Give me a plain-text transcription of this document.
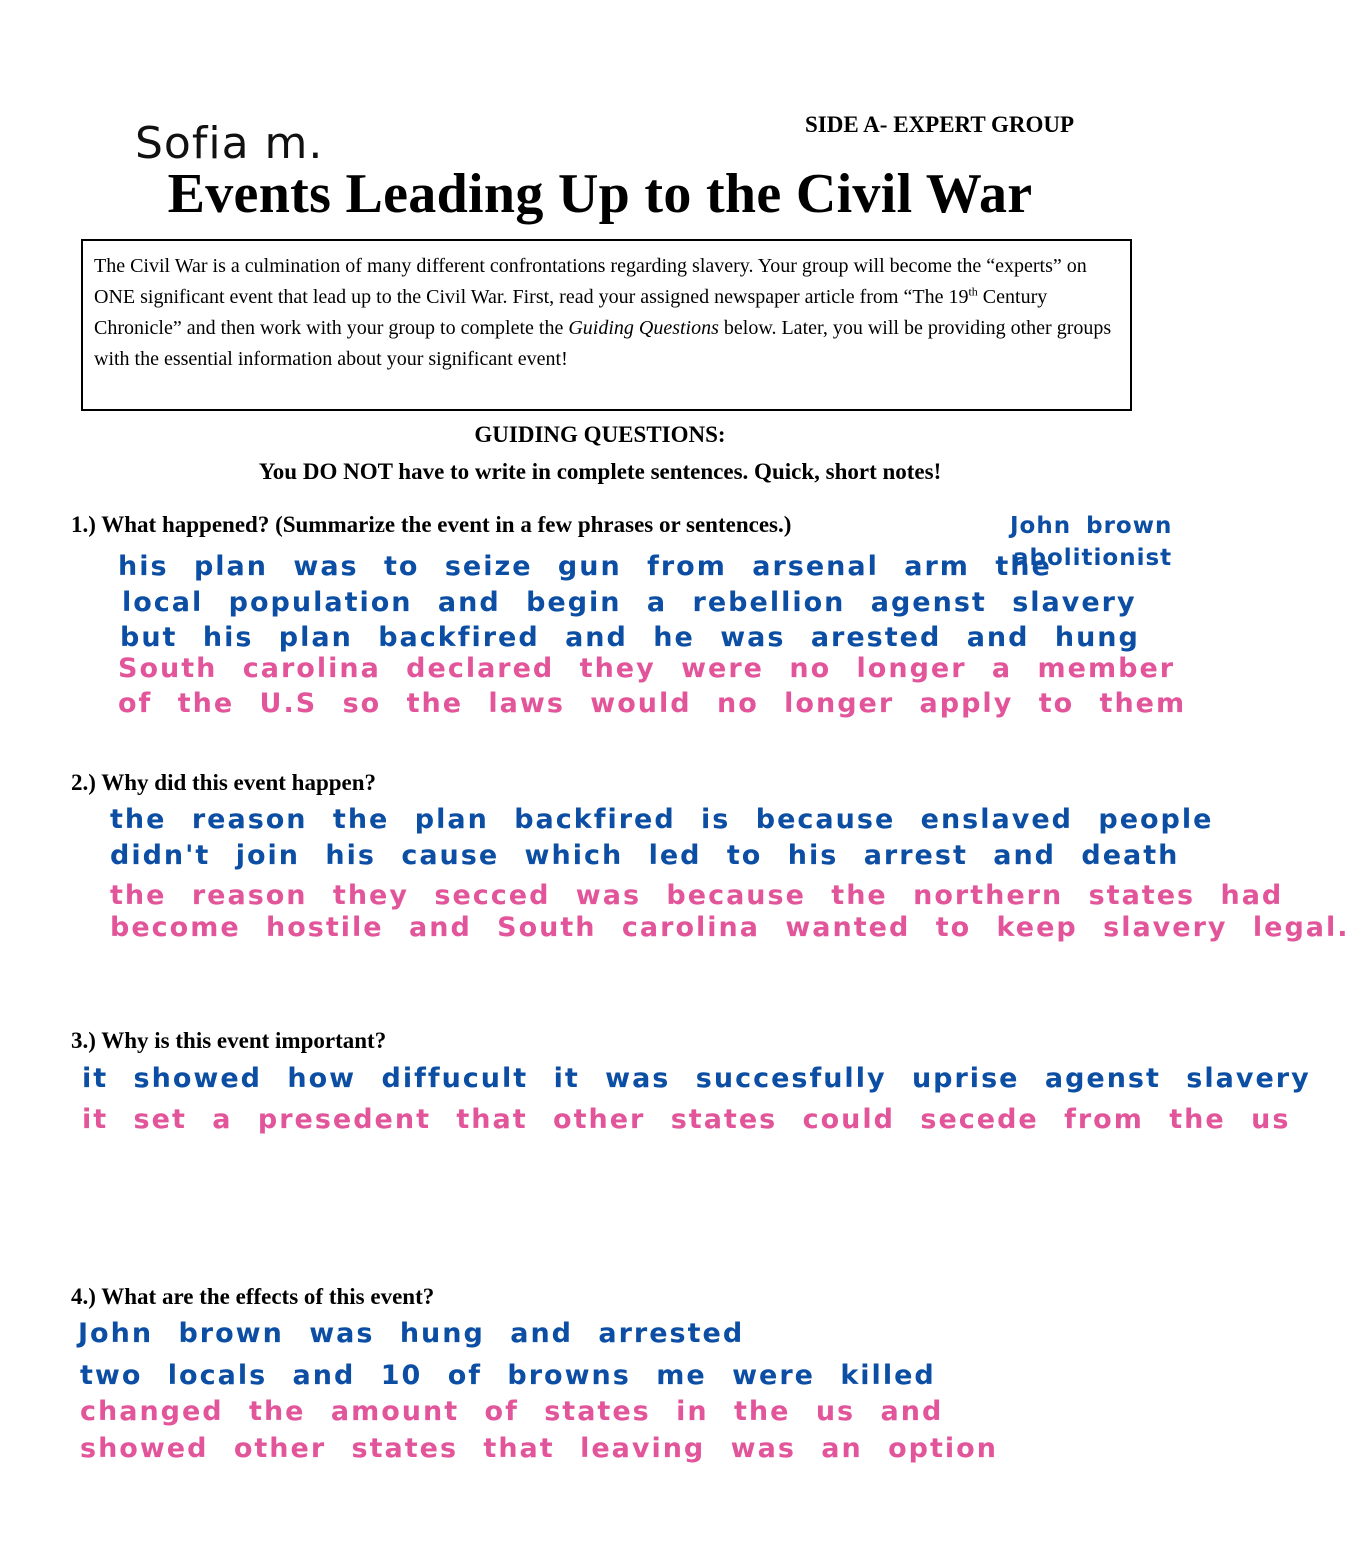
Sofia m.	SIDE A- EXPERT GROUP
Events Leading Up to the Civil War
The Civil War is a culmination of many different confrontations regarding slavery. Your group will become the “experts” on ONE significant event that lead up to the Civil War. First, read your assigned newspaper article from “The 19th Century Chronicle” and then work with your group to complete the Guiding Questions below. Later, you will be providing other groups with the essential information about your significant event!
GUIDING QUESTIONS:
You DO NOT have to write in complete sentences. Quick, short notes!
1.) What happened? (Summarize the event in a few phrases or sentences.)	John brown
abolitionist
his plan was to seize gun from arsenal arm the
local population and begin a rebellion agenst slavery
but his plan backfired and he was arested and hung
South carolina declared they were no longer a member
of the U.S so the laws would no longer apply to them
2.) Why did this event happen?
the reason the plan backfired is because enslaved people
didn't join his cause which led to his arrest and death
the reason they secced was because the northern states had
become hostile and South carolina wanted to keep slavery legal.
3.) Why is this event important?
it showed how diffucult it was succesfully uprise agenst slavery
it set a presedent that other states could secede from the us
4.) What are the effects of this event?
John brown was hung and arrested
two locals and 10 of browns me were killed
changed the amount of states in the us and
showed other states that leaving was an option
